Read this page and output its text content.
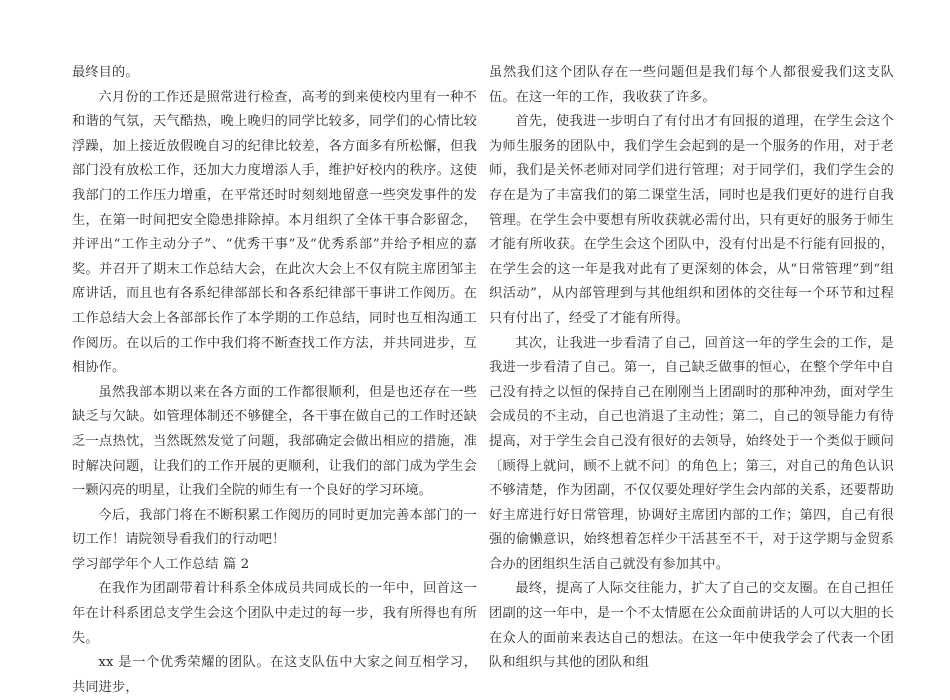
最终目的。

六月份的工作还是照常进行检查，高考的到来使校内里有一种不和谐的气氛，天气酷热，晚上晚归的同学比较多，同学们的心情比较浮躁，加上接近放假晚自习的纪律比较差，各方面多有所松懈，但我部门没有放松工作，还加大力度增添人手，维护好校内的秩序。这使我部门的工作压力增重，在平常还时时刻刻地留意一些突发事件的发生，在第一时间把安全隐患排除掉。本月组织了全体干事合影留念，并评出“工作主动分子”、“优秀干事”及“优秀系部”并给予相应的嘉奖。并召开了期末工作总结大会，在此次大会上不仅有院主席团邹主席讲话，而且也有各系纪律部部长和各系纪律部干事讲工作阅历。在工作总结大会上各部部长作了本学期的工作总结，同时也互相沟通工作阅历。在以后的工作中我们将不断查找工作方法，并共同进步，互相协作。

虽然我部本期以来在各方面的工作都很顺利，但是也还存在一些缺乏与欠缺。如管理体制还不够健全，各干事在做自己的工作时还缺乏一点热忱，当然既然发觉了问题，我部确定会做出相应的措施，准时解决问题，让我们的工作开展的更顺利，让我们的部门成为学生会一颗闪亮的明星，让我们全院的师生有一个良好的学习环境。

今后，我部门将在不断积累工作阅历的同时更加完善本部门的一切工作！请院领导看我们的行动吧！

学习部学年个人工作总结 篇 2

在我作为团副带着计科系全体成员共同成长的一年中，回首这一年在计科系团总支学生会这个团队中走过的每一步，我有所得也有所失。

xx 是一个优秀荣耀的团队。在这支队伍中大家之间互相学习，共同进步，

虽然我们这个团队存在一些问题但是我们每个人都很爱我们这支队伍。在这一年的工作，我收获了许多。

首先，使我进一步明白了有付出才有回报的道理，在学生会这个为师生服务的团队中，我们学生会起到的是一个服务的作用，对于老师，我们是关怀老师对同学们进行管理；对于同学们，我们学生会的存在是为了丰富我们的第二课堂生活，同时也是我们更好的进行自我管理。在学生会中要想有所收获就必需付出，只有更好的服务于师生才能有所收获。在学生会这个团队中，没有付出是不行能有回报的，在学生会的这一年是我对此有了更深刻的体会，从“日常管理”到“组织活动”，从内部管理到与其他组织和团体的交往每一个环节和过程只有付出了，经受了才能有所得。

其次，让我进一步看清了自己，回首这一年的学生会的工作，是我进一步看清了自己。第一，自己缺乏做事的恒心，在整个学年中自己没有持之以恒的保持自己在刚刚当上团副时的那种冲劲，面对学生会成员的不主动，自己也消退了主动性；第二，自己的领导能力有待提高，对于学生会自己没有很好的去领导，始终处于一个类似于顾问〔顾得上就问，顾不上就不问〕的角色上；第三，对自己的角色认识不够清楚，作为团副，不仅仅要处理好学生会内部的关系，还要帮助好主席进行好日常管理，协调好主席团内部的工作；第四，自己有很强的偷懒意识，始终想着怎样少干活甚至不干，对于这学期与金贸系合办的团组织生活自己就没有参加其中。

最终，提高了人际交往能力，扩大了自己的交友圈。在自己担任团副的这一年中，是一个不太情愿在公众面前讲话的人可以大胆的长在众人的面前来表达自己的想法。在这一年中使我学会了代表一个团队和组织与其他的团队和组
